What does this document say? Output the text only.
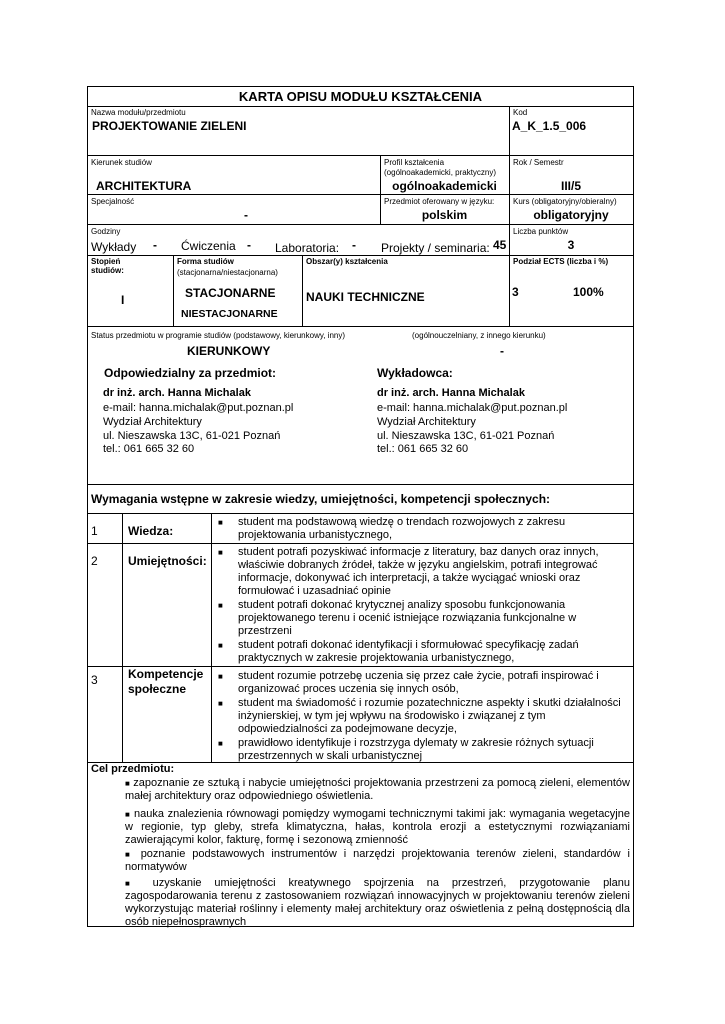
KARTA OPISU MODUŁU KSZTAŁCENIA
Nazwa modułu/przedmiotu
PROJEKTOWANIE ZIELENI
Kod
A_K_1.5_006
Kierunek studiów
ARCHITEKTURA
Profil kształcenia
(ogólnoakademicki, praktyczny)
ogólnoakademicki
Rok / Semestr
III/5
Specjalność
-
Przedmiot oferowany w języku:
polskim
Kurs (obligatoryjny/obieralny)
obligatoryjny
Godziny
Wykłady - Ćwiczenia - Laboratoria: - Projekty / seminaria: 45
Liczba punktów
3
Stopień
studiów:
I
Forma studiów
(stacjonarna/niestacjonarna)
STACJONARNE
NIESTACJONARNE
Obszar(y) kształcenia
NAUKI TECHNICZNE
Podział ECTS (liczba i %)
3	100%
Status przedmiotu w programie studiów (podstawowy, kierunkowy, inny)	(ogólnouczelniany, z innego kierunku)
KIERUNKOWY	-
Odpowiedzialny za przedmiot:
dr inż. arch. Hanna Michalak
e-mail: hanna.michalak@put.poznan.pl
Wydział Architektury
ul. Nieszawska 13C, 61-021 Poznań
tel.: 061 665 32 60
Wykładowca:
dr inż. arch. Hanna Michalak
e-mail: hanna.michalak@put.poznan.pl
Wydział Architektury
ul. Nieszawska 13C, 61-021 Poznań
tel.: 061 665 32 60
Wymagania wstępne w zakresie wiedzy, umiejętności, kompetencji społecznych:
1	Wiedza:
■ student ma podstawową wiedzę o trendach rozwojowych z zakresu
projektowania urbanistycznego,
2	Umiejętności:
■ student potrafi pozyskiwać informacje z literatury, baz danych oraz innych,
właściwie dobranych źródeł, także w języku angielskim, potrafi integrować
informacje, dokonywać ich interpretacji, a także wyciągać wnioski oraz
formułować i uzasadniać opinie
■ student potrafi dokonać krytycznej analizy sposobu funkcjonowania
projektowanego terenu i ocenić istniejące rozwiązania funkcjonalne w
przestrzeni
■ student potrafi dokonać identyfikacji i sformułować specyfikację zadań
praktycznych w zakresie projektowania urbanistycznego,
3	Kompetencje
społeczne
■ student rozumie potrzebę uczenia się przez całe życie, potrafi inspirować i
organizować proces uczenia się innych osób,
■ student ma świadomość i rozumie pozatechniczne aspekty i skutki działalności
inżynierskiej, w tym jej wpływu na środowisko i związanej z tym
odpowiedzialności za podejmowane decyzje,
■ prawidłowo identyfikuje i rozstrzyga dylematy w zakresie różnych sytuacji
przestrzennych w skali urbanistycznej
Cel przedmiotu:
■ zapoznanie ze sztuką i nabycie umiejętności projektowania przestrzeni za pomocą zieleni, elementów małej architektury oraz odpowiedniego oświetlenia.
■ nauka znalezienia równowagi pomiędzy wymogami technicznymi takimi jak: wymagania wegetacyjne w regionie, typ gleby, strefa klimatyczna, hałas, kontrola erozji a estetycznymi rozwiązaniami zawierającymi kolor, fakturę, formę i sezonową zmienność
■ poznanie podstawowych instrumentów i narzędzi projektowania terenów zieleni, standardów i normatywów
■ uzyskanie umiejętności kreatywnego spojrzenia na przestrzeń, przygotowanie planu zagospodarowania terenu z zastosowaniem rozwiązań innowacyjnych w projektowaniu terenów zieleni wykorzystując materiał roślinny i elementy małej architektury oraz oświetlenia z pełną dostępnością dla osób niepełnosprawnych
